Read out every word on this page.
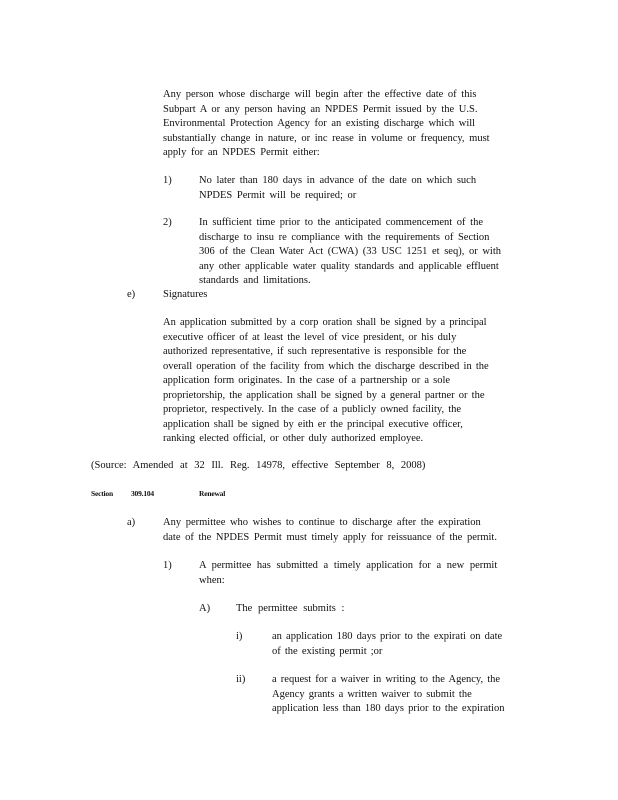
Any person whose discharge will begin after the effective date of this
Subpart A or any person having an NPDES Permit issued by the U.S.
Environmental Protection Agency for an existing discharge which will
substantially change in nature, or inc rease in volume or frequency, must
apply for an NPDES Permit either:
1)	No later than 180 days in advance of the date on which such
NPDES Permit will be required; or
2)	In sufficient time prior to the anticipated commencement of the
discharge to insu re compliance with the requirements of Section
306 of the Clean Water Act (CWA) (33 USC 1251 et seq), or with
any other applicable water quality standards and applicable effluent
standards and limitations.
e)	Signatures
An application submitted by a corp oration shall be signed by a principal
executive officer of at least the level of vice president, or his duly
authorized representative, if such representative is responsible for the
overall operation of the facility from which the discharge described in the
application form originates. In the case of a partnership or a sole
proprietorship, the application shall be signed by a general partner or the
proprietor, respectively. In the case of a publicly owned facility, the
application shall be signed by eith er the principal executive officer,
ranking elected official, or other duly authorized employee.
(Source: Amended at 32 Ill. Reg. 14978, effective September 8, 2008)
Section 309.104	Renewal
a)	Any permittee who wishes to continue to discharge after the expiration
date of the NPDES Permit must timely apply for reissuance of the permit.
1)	A permittee has submitted a timely application for a new permit
when:
A) The permittee submits :
i)	an application 180 days prior to the expirati on date
of the existing permit ;or
ii)	a request for a waiver in writing to the Agency, the
Agency grants a written waiver to submit the
application less than 180 days prior to the expiration
